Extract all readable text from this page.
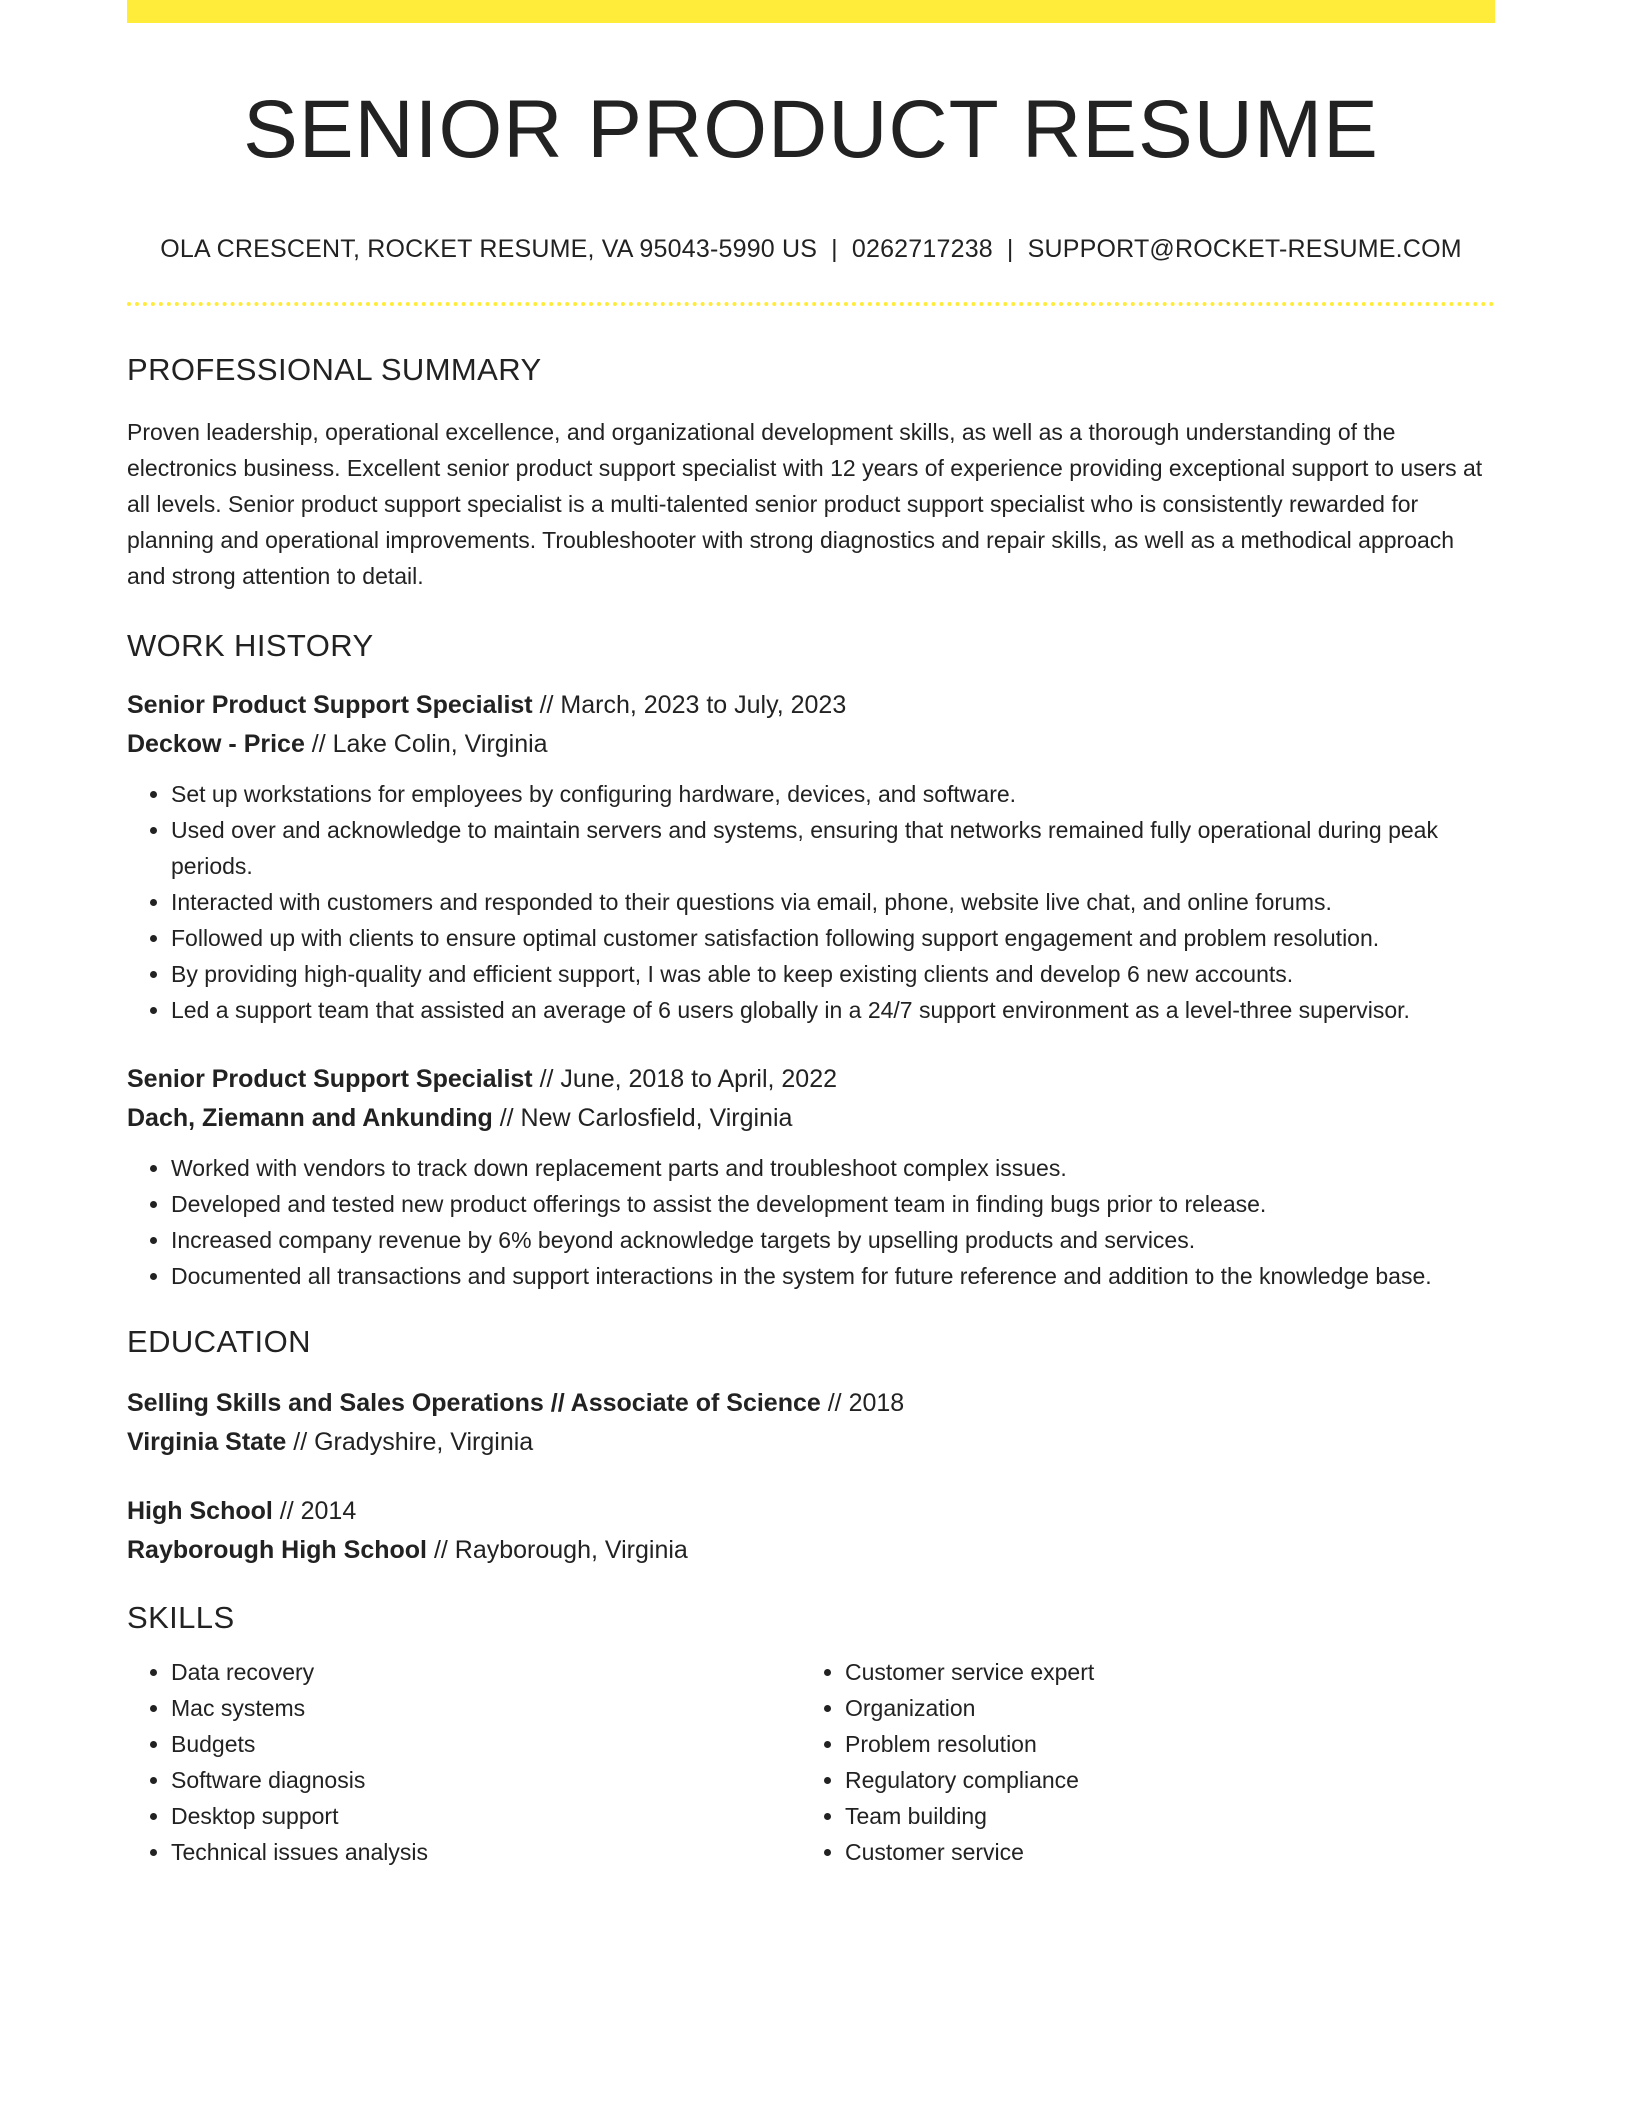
SENIOR PRODUCT RESUME
OLA CRESCENT, ROCKET RESUME, VA 95043-5990 US | 0262717238 | SUPPORT@ROCKET-RESUME.COM
PROFESSIONAL SUMMARY

Proven leadership, operational excellence, and organizational development skills, as well as a thorough understanding of the electronics business. Excellent senior product support specialist with 12 years of experience providing exceptional support to users at all levels. Senior product support specialist is a multi-talented senior product support specialist who is consistently rewarded for planning and operational improvements. Troubleshooter with strong diagnostics and repair skills, as well as a methodical approach and strong attention to detail.

WORK HISTORY
Senior Product Support Specialist // March, 2023 to July, 2023
Deckow - Price // Lake Colin, Virginia
• Set up workstations for employees by configuring hardware, devices, and software.
• Used over and acknowledge to maintain servers and systems, ensuring that networks remained fully operational during peak periods.
• Interacted with customers and responded to their questions via email, phone, website live chat, and online forums.
• Followed up with clients to ensure optimal customer satisfaction following support engagement and problem resolution.
• By providing high-quality and efficient support, I was able to keep existing clients and develop 6 new accounts.
• Led a support team that assisted an average of 6 users globally in a 24/7 support environment as a level-three supervisor.
Senior Product Support Specialist // June, 2018 to April, 2022
Dach, Ziemann and Ankunding // New Carlosfield, Virginia
• Worked with vendors to track down replacement parts and troubleshoot complex issues.
• Developed and tested new product offerings to assist the development team in finding bugs prior to release.
• Increased company revenue by 6% beyond acknowledge targets by upselling products and services.
• Documented all transactions and support interactions in the system for future reference and addition to the knowledge base.
EDUCATION
Selling Skills and Sales Operations // Associate of Science // 2018
Virginia State // Gradyshire, Virginia
High School // 2014
Rayborough High School // Rayborough, Virginia
SKILLS
• Data recovery
• Mac systems
• Budgets
• Software diagnosis
• Desktop support
• Technical issues analysis
• Customer service expert
• Organization
• Problem resolution
• Regulatory compliance
• Team building
• Customer service
